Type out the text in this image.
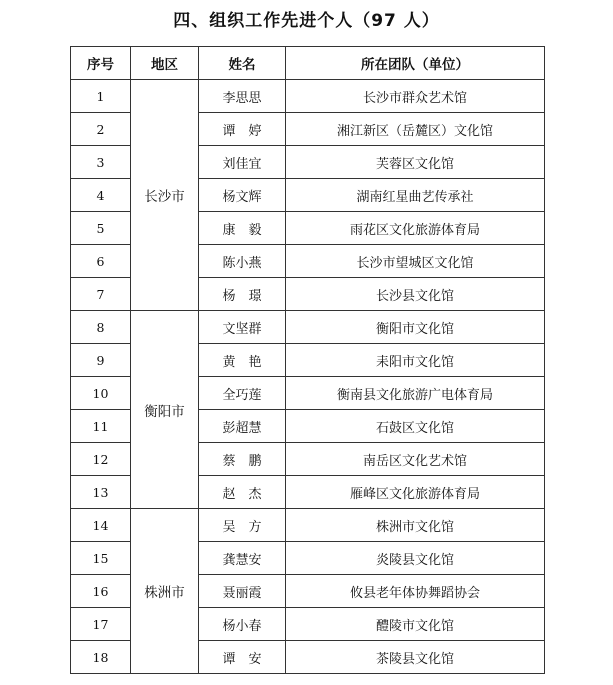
四、组织工作先进个人（97 人）
序号	地区	姓名	所在团队（单位）
1	长沙市	李思思	长沙市群众艺术馆
2		谭　婷	湘江新区（岳麓区）文化馆
3		刘佳宜	芙蓉区文化馆
4		杨文辉	湖南红星曲艺传承社
5		康　毅	雨花区文化旅游体育局
6		陈小燕	长沙市望城区文化馆
7		杨　璟	长沙县文化馆
8	衡阳市	文坚群	衡阳市文化馆
9		黄　艳	耒阳市文化馆
10		全巧莲	衡南县文化旅游广电体育局
11		彭超慧	石鼓区文化馆
12		蔡　鹏	南岳区文化艺术馆
13		赵　杰	雁峰区文化旅游体育局
14	株洲市	吴　方	株洲市文化馆
15		龚慧安	炎陵县文化馆
16		聂丽霞	攸县老年体协舞蹈协会
17		杨小春	醴陵市文化馆
18		谭　安	茶陵县文化馆
